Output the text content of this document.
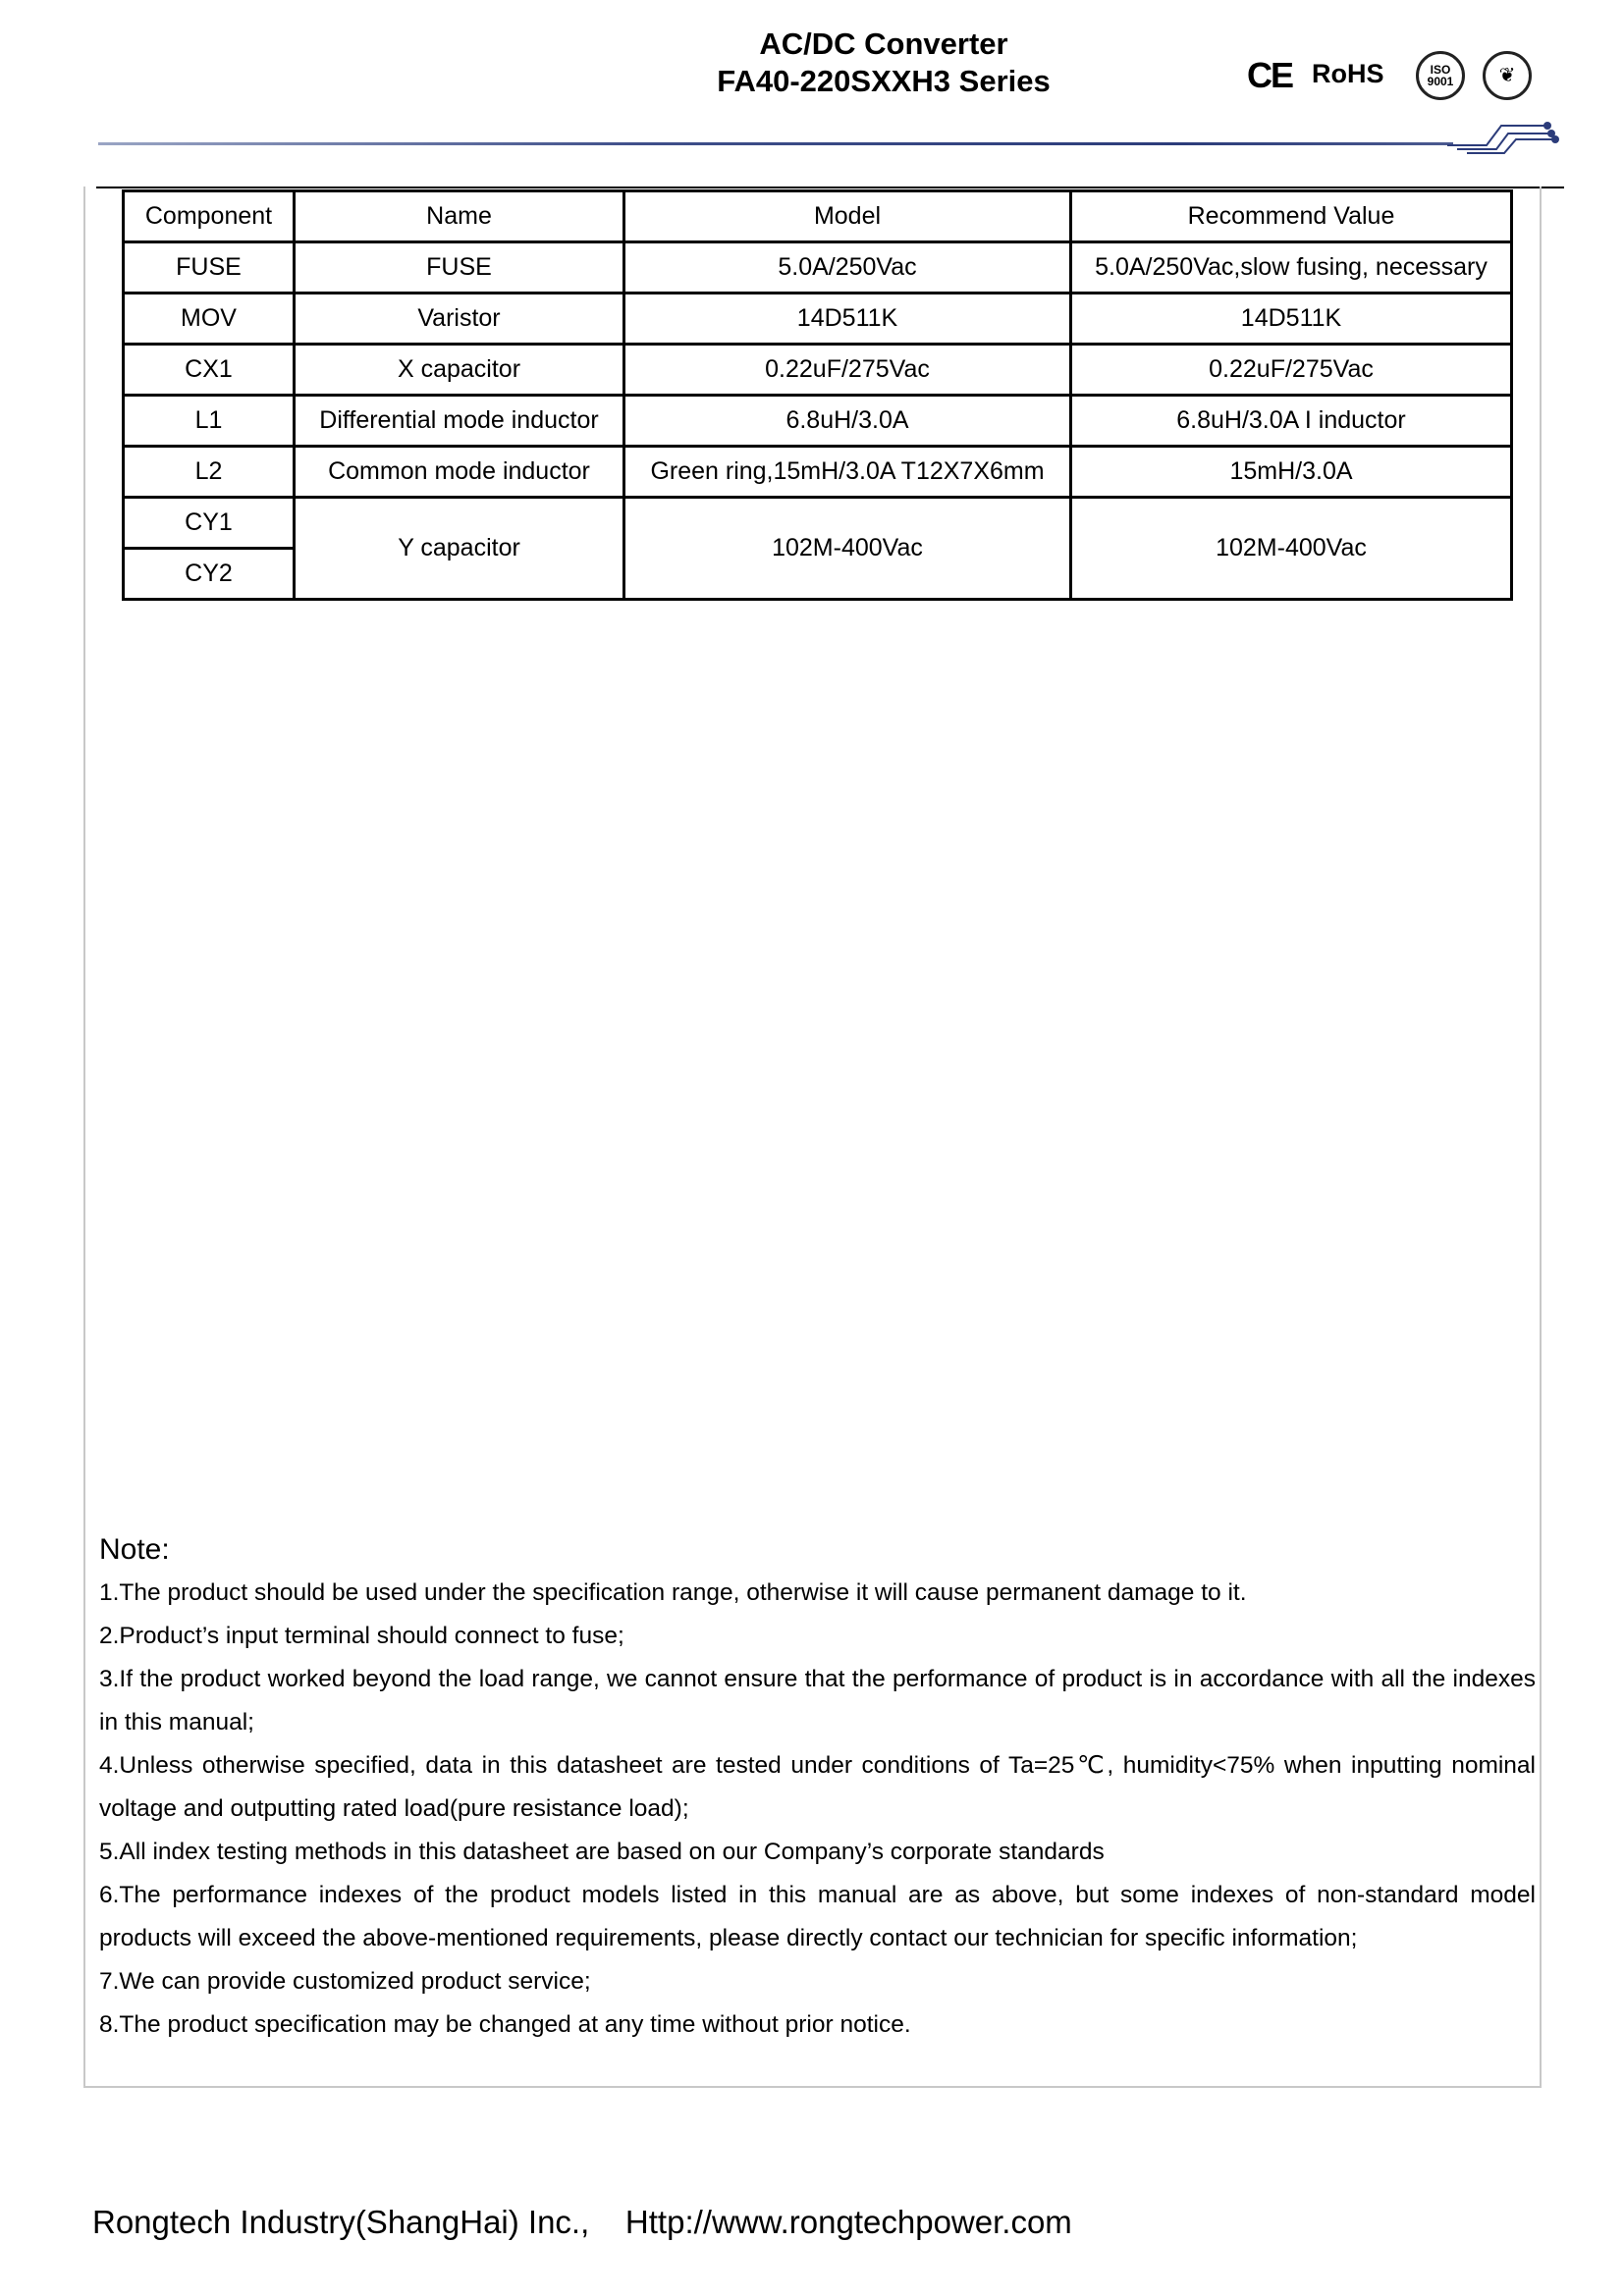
AC/DC Converter
FA40-220SXXH3 Series	CE RoHS	ISO 9001	❦
Component	Name	Model	Recommend Value
FUSE	FUSE	5.0A/250Vac	5.0A/250Vac,slow fusing, necessary
MOV	Varistor	14D511K	14D511K
CX1	X capacitor	0.22uF/275Vac	0.22uF/275Vac
L1	Differential mode inductor	6.8uH/3.0A	6.8uH/3.0A I inductor
L2	Common mode inductor	Green ring,15mH/3.0A T12X7X6mm	15mH/3.0A
CY1	Y capacitor	102M-400Vac	102M-400Vac
CY2			
Note:

1.The product should be used under the specification range, otherwise it will cause permanent damage to it.

2.Product’s input terminal should connect to fuse;

3.If the product worked beyond the load range, we cannot ensure that the performance of product is in accordance with all the indexes in this manual;

4.Unless otherwise specified, data in this datasheet are tested under conditions of Ta=25℃, humidity<75% when inputting nominal voltage and outputting rated load(pure resistance load);

5.All index testing methods in this datasheet are based on our Company’s corporate standards

6.The performance indexes of the product models listed in this manual are as above, but some indexes of non-standard model products will exceed the above-mentioned requirements, please directly contact our technician for specific information;

7.We can provide customized product service;

8.The product specification may be changed at any time without prior notice.

Rongtech Industry(ShangHai) Inc.,    Http://www.rongtechpower.com
